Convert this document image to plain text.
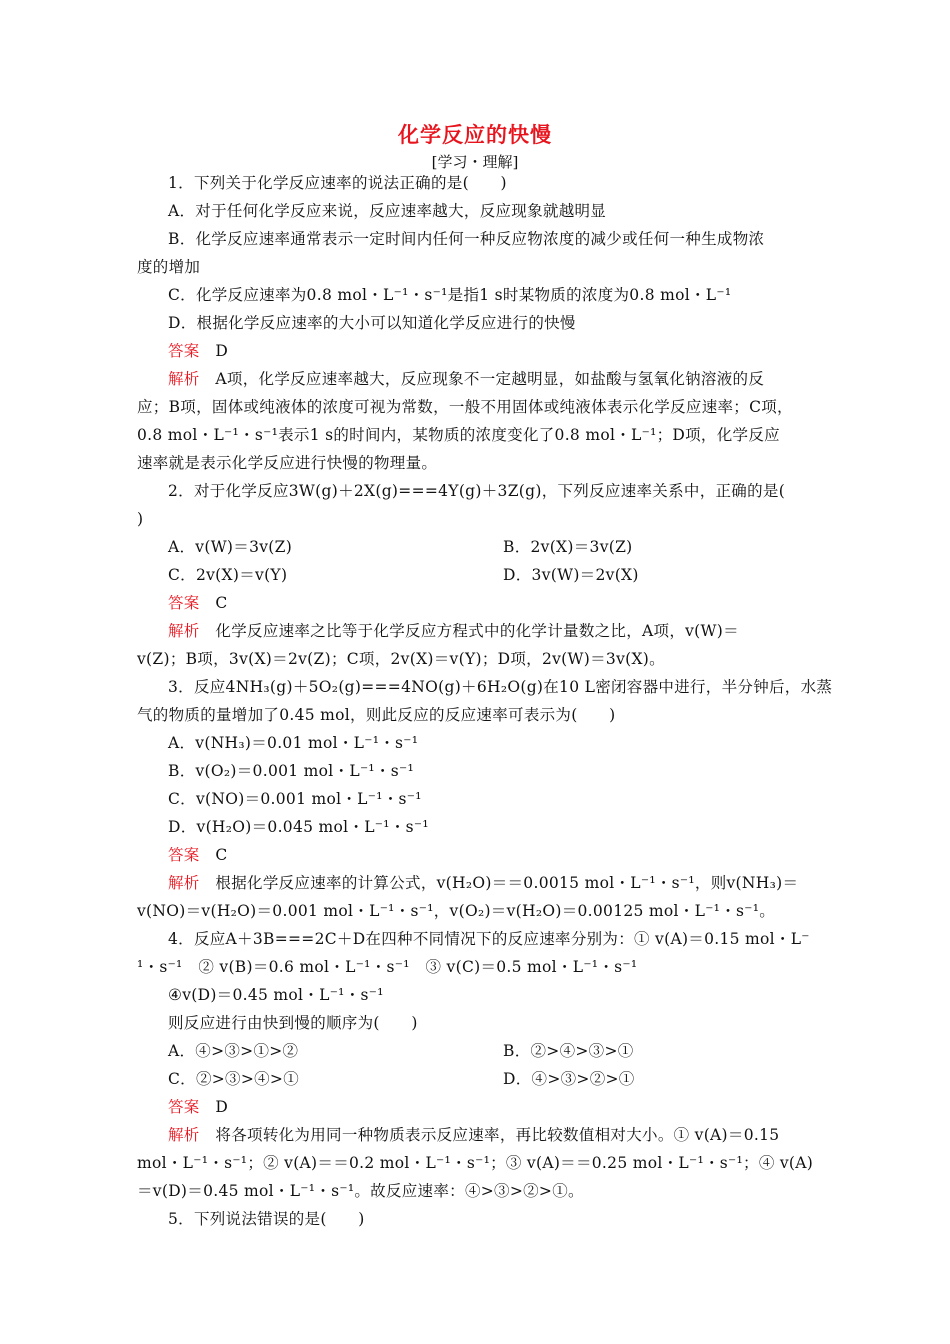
化学反应的快慢
[学习・理解]
1．下列关于化学反应速率的说法正确的是(　　)
A．对于任何化学反应来说，反应速率越大，反应现象就越明显
B．化学反应速率通常表示一定时间内任何一种反应物浓度的减少或任何一种生成物浓
度的增加
C．化学反应速率为0.8 mol・L⁻¹・s⁻¹是指1 s时某物质的浓度为0.8 mol・L⁻¹
D．根据化学反应速率的大小可以知道化学反应进行的快慢
答案　 D
解析　 A项，化学反应速率越大，反应现象不一定越明显，如盐酸与氢氧化钠溶液的反
应；B项，固体或纯液体的浓度可视为常数，一般不用固体或纯液体表示化学反应速率；C项，
0.8 mol・L⁻¹・s⁻¹表示1 s的时间内，某物质的浓度变化了0.8 mol・L⁻¹；D项，化学反应
速率就是表示化学反应进行快慢的物理量。
2．对于化学反应3W(g)＋2X(g)===4Y(g)＋3Z(g)，下列反应速率关系中，正确的是(
)
A．v(W)＝3v(Z)	B．2v(X)＝3v(Z)
C．2v(X)＝v(Y)	D．3v(W)＝2v(X)
答案　 C
解析　 化学反应速率之比等于化学反应方程式中的化学计量数之比，A项，v(W)＝
v(Z)；B项，3v(X)＝2v(Z)；C项，2v(X)＝v(Y)；D项，2v(W)＝3v(X)。
3．反应4NH₃(g)＋5O₂(g)===4NO(g)＋6H₂O(g)在10 L密闭容器中进行，半分钟后，水蒸
气的物质的量增加了0.45 mol，则此反应的反应速率可表示为(　　)
A．v(NH₃)＝0.01 mol・L⁻¹・s⁻¹
B．v(O₂)＝0.001 mol・L⁻¹・s⁻¹
C．v(NO)＝0.001 mol・L⁻¹・s⁻¹
D．v(H₂O)＝0.045 mol・L⁻¹・s⁻¹
答案　 C
解析　 根据化学反应速率的计算公式，v(H₂O)＝＝0.0015 mol・L⁻¹・s⁻¹，则v(NH₃)＝
v(NO)＝v(H₂O)＝0.001 mol・L⁻¹・s⁻¹，v(O₂)＝v(H₂O)＝0.00125 mol・L⁻¹・s⁻¹。
4．反应A＋3B===2C＋D在四种不同情况下的反应速率分别为：① v(A)＝0.15 mol・L⁻
¹・s⁻¹　② v(B)＝0.6 mol・L⁻¹・s⁻¹　③ v(C)＝0.5 mol・L⁻¹・s⁻¹
④v(D)＝0.45 mol・L⁻¹・s⁻¹
则反应进行由快到慢的顺序为(　　)
A．④>③>①>②	B．②>④>③>①
C．②>③>④>①	D．④>③>②>①
答案　 D
解析　 将各项转化为用同一种物质表示反应速率，再比较数值相对大小。① v(A)＝0.15
mol・L⁻¹・s⁻¹；② v(A)＝＝0.2 mol・L⁻¹・s⁻¹；③ v(A)＝＝0.25 mol・L⁻¹・s⁻¹；④ v(A)
＝v(D)＝0.45 mol・L⁻¹・s⁻¹。故反应速率：④>③>②>①。
5．下列说法错误的是(　　)
